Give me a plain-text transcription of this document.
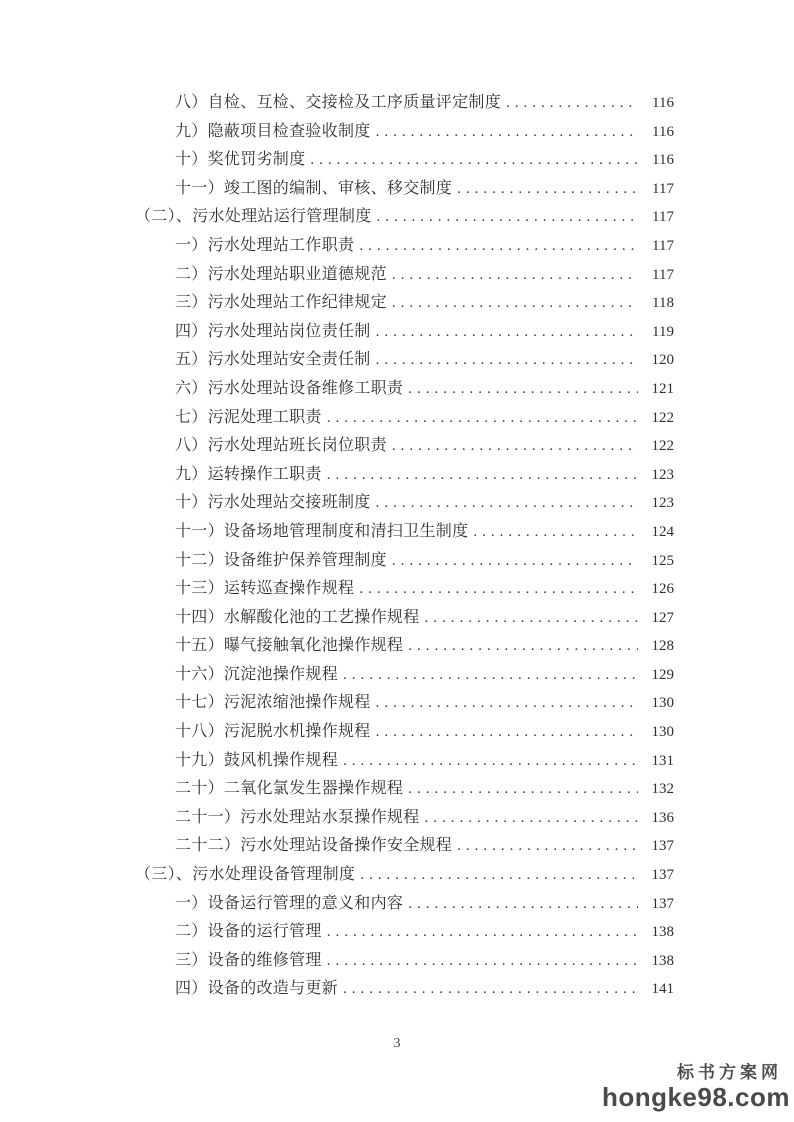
八）自检、互检、交接检及工序质量评定制度 .....	116
九）隐蔽项目检查验收制度 .....	116
十）奖优罚劣制度 .....	116
十一）竣工图的编制、审核、移交制度 .....	117
（二）、污水处理站运行管理制度 .....	117
一）污水处理站工作职责 .....	117
二）污水处理站职业道德规范 .....	117
三）污水处理站工作纪律规定 .....	118
四）污水处理站岗位责任制 .....	119
五）污水处理站安全责任制 .....	120
六）污水处理站设备维修工职责 .....	121
七）污泥处理工职责 .....	122
八）污水处理站班长岗位职责 .....	122
九）运转操作工职责 .....	123
十）污水处理站交接班制度 .....	123
十一）设备场地管理制度和清扫卫生制度 .....	124
十二）设备维护保养管理制度 .....	125
十三）运转巡查操作规程 .....	126
十四）水解酸化池的工艺操作规程 .....	127
十五）曝气接触氧化池操作规程 .....	128
十六）沉淀池操作规程 .....	129
十七）污泥浓缩池操作规程 .....	130
十八）污泥脱水机操作规程 .....	130
十九）鼓风机操作规程 .....	131
二十）二氧化氯发生器操作规程 .....	132
二十一）污水处理站水泵操作规程 .....	136
二十二）污水处理站设备操作安全规程 .....	137
（三）、污水处理设备管理制度 .....	137
一）设备运行管理的意义和内容 .....	137
二）设备的运行管理 .....	138
三）设备的维修管理 .....	138
四）设备的改造与更新 .....	141
3
标书方案网
hongke98.com
